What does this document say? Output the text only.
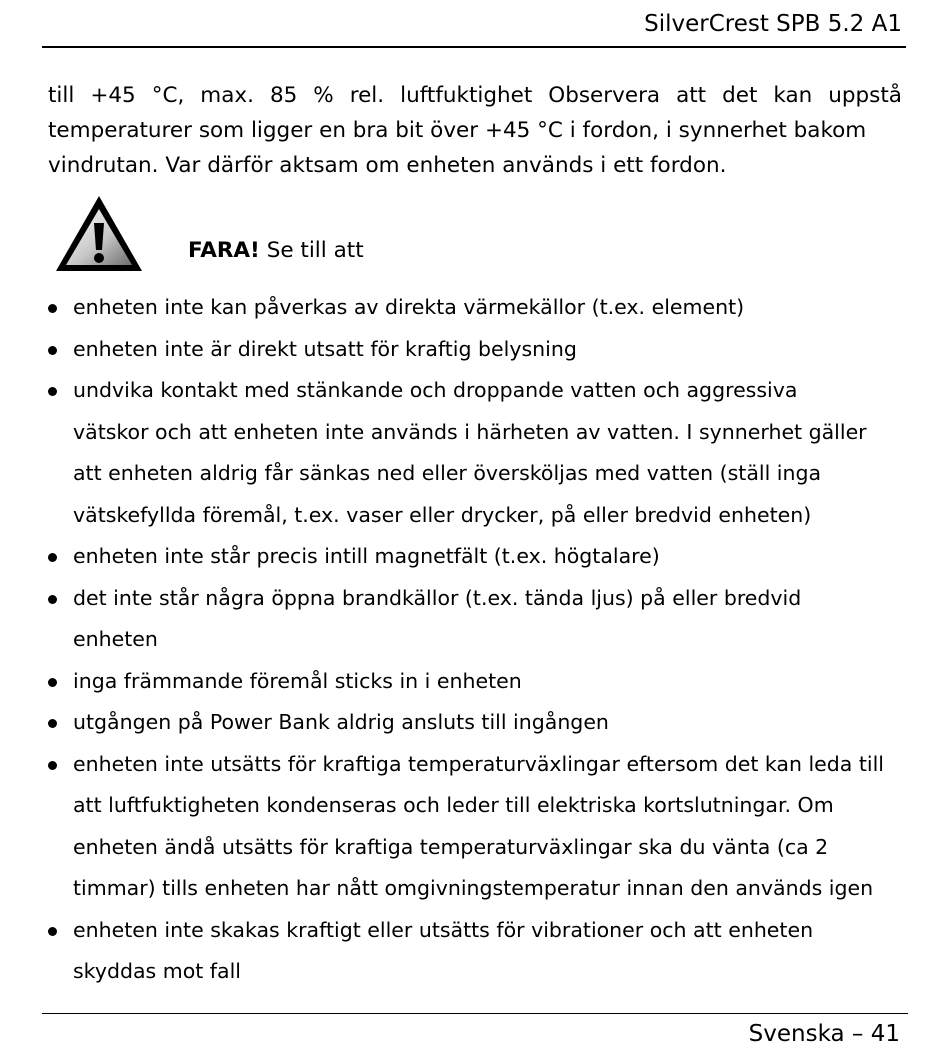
SilverCrest SPB 5.2 A1
till +45 °C, max. 85 % rel. luftfuktighet Observera att det kan uppstå temperaturer som ligger en bra bit över +45 °C i fordon, i synnerhet bakom
vindrutan. Var därför aktsam om enheten används i ett fordon.
FARA! Se till att
enheten inte kan påverkas av direkta värmekällor (t.ex. element)
enheten inte är direkt utsatt för kraftig belysning
undvika kontakt med stänkande och droppande vatten och aggressiva
vätskor och att enheten inte används i härheten av vatten. I synnerhet gäller
att enheten aldrig får sänkas ned eller översköljas med vatten (ställ inga
vätskefyllda föremål, t.ex. vaser eller drycker, på eller bredvid enheten)
enheten inte står precis intill magnetfält (t.ex. högtalare)
det inte står några öppna brandkällor (t.ex. tända ljus) på eller bredvid
enheten
inga främmande föremål sticks in i enheten
utgången på Power Bank aldrig ansluts till ingången
enheten inte utsätts för kraftiga temperaturväxlingar eftersom det kan leda till
att luftfuktigheten kondenseras och leder till elektriska kortslutningar. Om
enheten ändå utsätts för kraftiga temperaturväxlingar ska du vänta (ca 2
timmar) tills enheten har nått omgivningstemperatur innan den används igen
enheten inte skakas kraftigt eller utsätts för vibrationer och att enheten
skyddas mot fall
Svenska – 41
